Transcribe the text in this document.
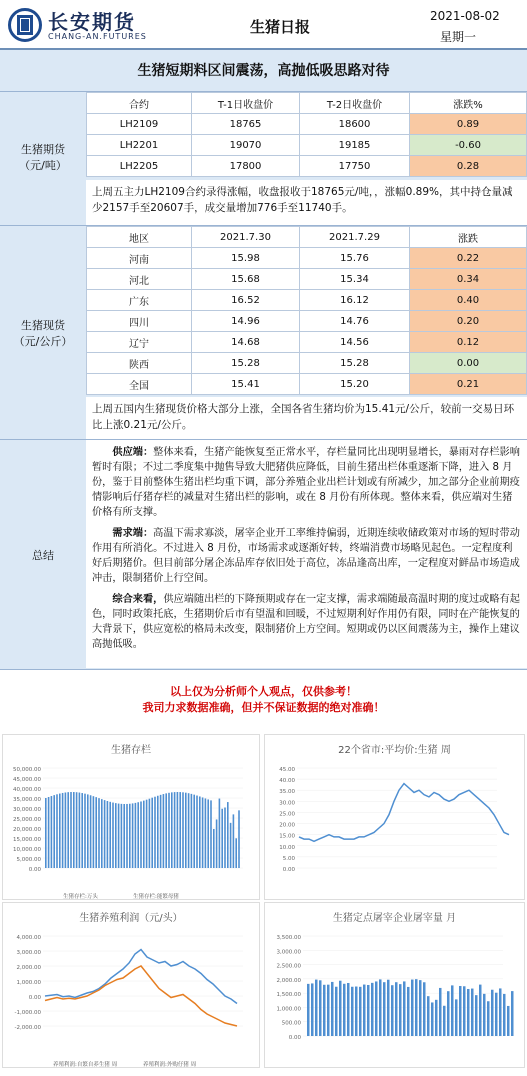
长安期货
CHANG-AN.FUTURES
生猪日报
2021-08-02
星期一
生猪短期料区间震荡，高抛低吸思路对待
生猪期货
（元/吨）
合约	T-1日收盘价	T-2日收盘价	涨跌%
LH2109	18765	18600	0.89
LH2201	19070	19185	-0.60
LH2205	17800	17750	0.28
上周五主力LH2109合约录得涨幅，收盘报收于18765元/吨，，涨幅0.89%，其中持仓量减少2157手至20607手，成交量增加776手至11740手。
生猪现货
（元/公斤）
地区	2021.7.30	2021.7.29	涨跌
河南	15.98	15.76	0.22
河北	15.68	15.34	0.34
广东	16.52	16.12	0.40
四川	14.96	14.76	0.20
辽宁	14.68	14.56	0.12
陕西	15.28	15.28	0.00
全国	15.41	15.20	0.21
上周五国内生猪现货价格大部分上涨，全国各省生猪均价为15.41元/公斤，较前一交易日环比上涨0.21元/公斤。
总结

供应端：整体来看，生猪产能恢复至正常水平，存栏量同比出现明显增长，暴雨对存栏影响暂时有限；不过二季度集中抛售导致大肥猪供应降低，目前生猪出栏体重逐渐下降，进入 8 月份，鉴于目前整体生猪出栏均重下调，部分养殖企业出栏计划或有所减少，加之部分企业前期疫情影响后仔猪存栏的减量对生猪出栏的影响，或在 8 月份有所体现。整体来看，供应端对生猪价格有所支撑。

需求端：高温下需求寡淡，屠宰企业开工率维持偏弱，近期连续收储政策对市场的短时带动作用有所消化。不过进入 8 月份，市场需求或逐渐好转，终端消费市场略见起色。一定程度利好后期猪价。但目前部分屠企冻品库存依旧处于高位，冻品逢高出库，一定程度对鲜品市场造成冲击，限制猪价上行空间。

综合来看，供应端随出栏的下降预期或存在一定支撑，需求端随最高温时期的度过或略有起色，同时政策托底，生猪期价后市有望温和回暖，不过短期利好作用仍有限，同时在产能恢复的大背景下，供应宽松的格局未改变，限制猪价上方空间。短期或仍以区间震荡为主，操作上建议高抛低吸。

以上仅为分析师个人观点，仅供参考！
我司力求数据准确，但并不保证数据的绝对准确！
生猪存栏
50,000.00
45,000.00
40,000.00
35,000.00
30,000.00
25,000.00
20,000.00
15,000.00
10,000.00
5,000.00
0.00
生猪存栏:万头	生猪存栏:能繁母猪
22个省市:平均价:生猪 周
45.00
40.00
35.00
30.00
25.00
20.00
15.00
10.00
5.00
0.00
生猪养殖利润（元/头）
4,000.00
3,000.00
2,000.00
1,000.00
0.00
-1,000.00
-2,000.00
养殖利润:自繁自养生猪 周	养殖利润:外购仔猪 周
生猪定点屠宰企业屠宰量 月
3,500.00
3,000.00
2,500.00
2,000.00
1,500.00
1,000.00
500.00
0.00
